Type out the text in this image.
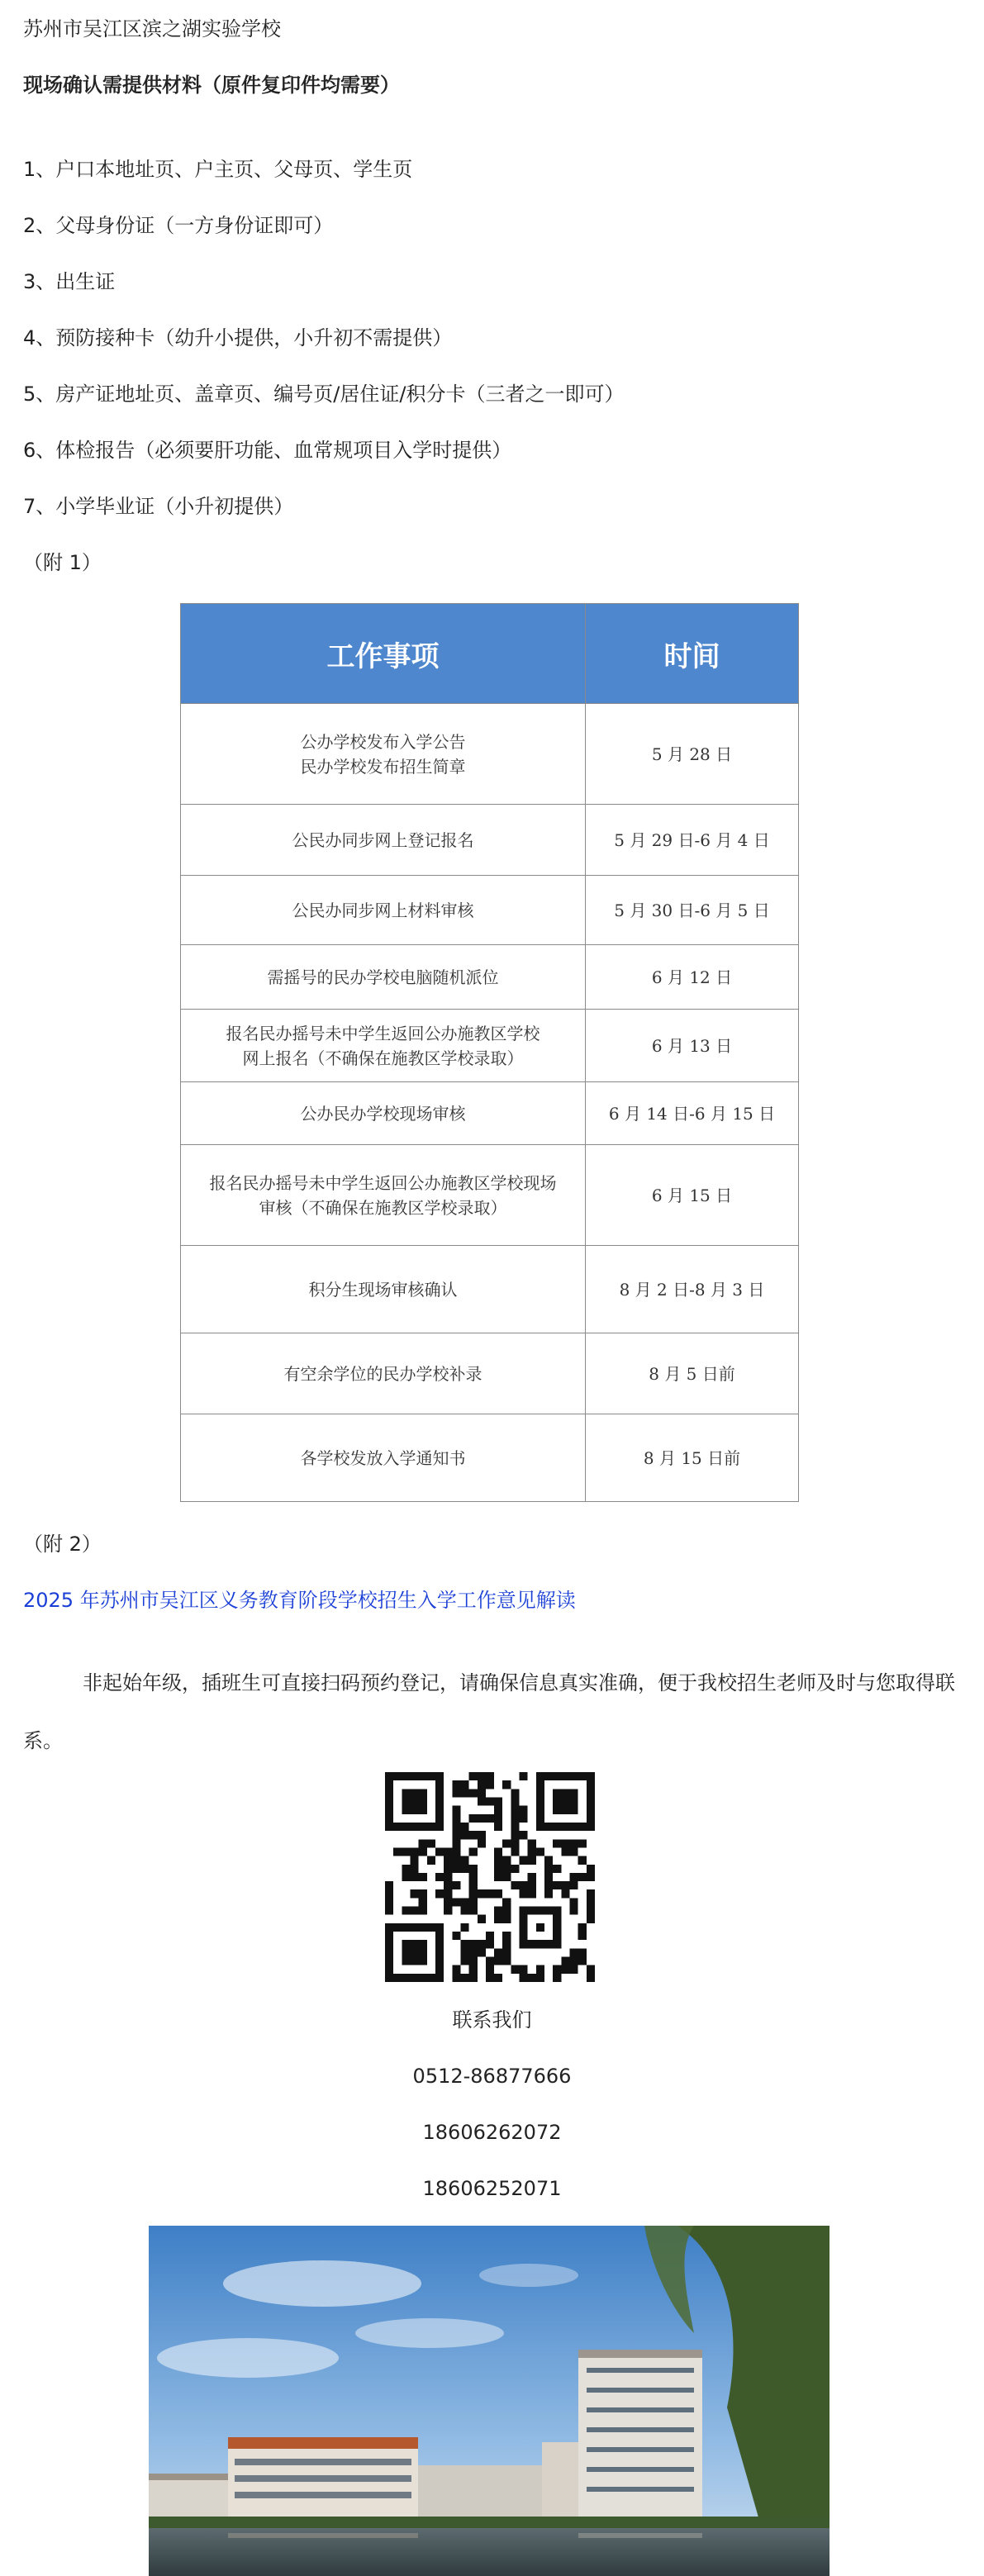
苏州市吴江区滨之湖实验学校
现场确认需提供材料（原件复印件均需要）
1、户口本地址页、户主页、父母页、学生页
2、父母身份证（一方身份证即可）
3、出生证
4、预防接种卡（幼升小提供，小升初不需提供）
5、房产证地址页、盖章页、编号页/居住证/积分卡（三者之一即可）
6、体检报告（必须要肝功能、血常规项目入学时提供）
7、小学毕业证（小升初提供）
（附 1）
工作事项	时间

公办学校发布入学公告
民办学校发布招生简章	5 月 28 日

公民办同步网上登记报名	5 月 29 日-6 月 4 日

公民办同步网上材料审核	5 月 30 日-6 月 5 日

需摇号的民办学校电脑随机派位	6 月 12 日

报名民办摇号未中学生返回公办施教区学校
网上报名（不确保在施教区学校录取）	6 月 13 日

公办民办学校现场审核	6 月 14 日-6 月 15 日

报名民办摇号未中学生返回公办施教区学校现场
审核（不确保在施教区学校录取）	6 月 15 日

积分生现场审核确认	8 月 2 日-8 月 3 日

有空余学位的民办学校补录	8 月 5 日前

各学校发放入学通知书	8 月 15 日前
（附 2）
2025 年苏州市吴江区义务教育阶段学校招生入学工作意见解读
非起始年级，插班生可直接扫码预约登记，请确保信息真实准确，便于我校招生老师及时与您取得联系。
联系我们
0512-86877666
18606262072
18606252071
